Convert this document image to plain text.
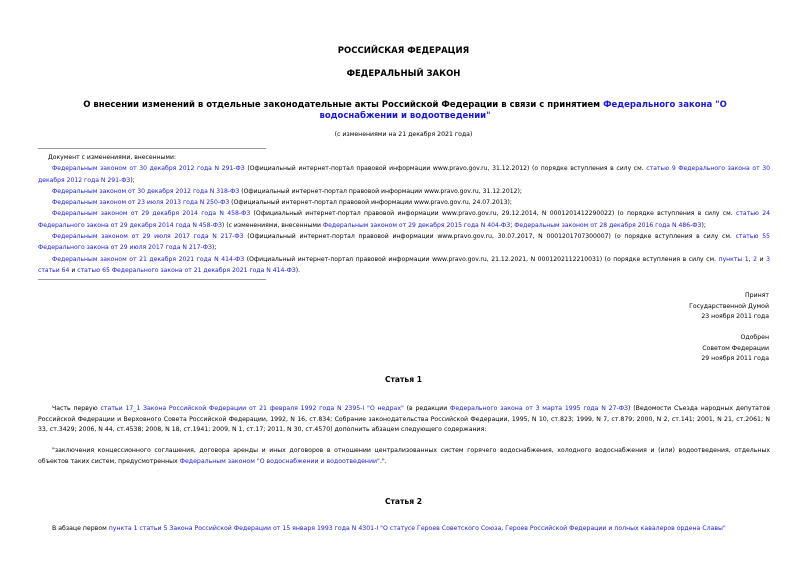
РОССИЙСКАЯ ФЕДЕРАЦИЯ
ФЕДЕРАЛЬНЫЙ ЗАКОН
О внесении изменений в отдельные законодательные акты Российской Федерации в связи с принятием Федерального закона "О водоснабжении и водоотведении"
(с изменениями на 21 декабря 2021 года)

Документ с изменениями, внесенными:

Федеральным законом от 30 декабря 2012 года N 291-ФЗ (Официальный интернет-портал правовой информации www.pravo.gov.ru, 31.12.2012) (о порядке вступления в силу см. статью 9 Федерального закона от 30 декабря 2012 года N 291-ФЗ);

Федеральным законом от 30 декабря 2012 года N 318-ФЗ (Официальный интернет-портал правовой информации www.pravo.gov.ru, 31.12.2012);

Федеральным законом от 23 июля 2013 года N 250-ФЗ (Официальный интернет-портал правовой информации www.pravo.gov.ru, 24.07.2013);

Федеральным законом от 29 декабря 2014 года N 458-ФЗ (Официальный интернет-портал правовой информации www.pravo.gov.ru, 29.12.2014, N 0001201412290022) (о порядке вступления в силу см. статью 24 Федерального закона от 29 декабря 2014 года N 458-ФЗ) (с изменениями, внесенными Федеральным законом от 29 декабря 2015 года N 404-ФЗ; Федеральным законом от 28 декабря 2016 года N 486-ФЗ);

Федеральным законом от 29 июля 2017 года N 217-ФЗ (Официальный интернет-портал правовой информации www.pravo.gov.ru, 30.07.2017, N 0001201707300007) (о порядке вступления в силу см. статью 55 Федерального закона от 29 июля 2017 года N 217-ФЗ);

Федеральным законом от 21 декабря 2021 года N 414-ФЗ (Официальный интернет-портал правовой информации www.pravo.gov.ru, 21.12.2021, N 0001202112210031) (о порядке вступления в силу см. пункты 1, 2 и 3 статьи 64 и статью 65 Федерального закона от 21 декабря 2021 года N 414-ФЗ).

Принят
Государственной Думой
23 ноября 2011 года
Одобрен
Советом Федерации
29 ноября 2011 года
Статья 1

Часть первую статьи 17_1 Закона Российской Федерации от 21 февраля 1992 года N 2395-I "О недрах" (в редакции Федерального закона от 3 марта 1995 года N 27-ФЗ) (Ведомости Съезда народных депутатов Российской Федерации и Верховного Совета Российской Федерации, 1992, N 16, ст.834; Собрание законодательства Российской Федерации, 1995, N 10, ст.823; 1999, N 7, ст.879; 2000, N 2, ст.141; 2001, N 21, ст.2061; N 33, ст.3429; 2006, N 44, ст.4538; 2008, N 18, ст.1941; 2009, N 1, ст.17; 2011, N 30, ст.4570) дополнить абзацем следующего содержания:

"заключения концессионного соглашения, договора аренды и иных договоров в отношении централизованных систем горячего водоснабжения, холодного водоснабжения и (или) водоотведения, отдельных объектов таких систем, предусмотренных Федеральным законом "О водоснабжении и водоотведении".".

Статья 2

В абзаце первом пункта 1 статьи 5 Закона Российской Федерации от 15 января 1993 года N 4301-I "О статусе Героев Советского Союза, Героев Российской Федерации и полных кавалеров ордена Славы"
